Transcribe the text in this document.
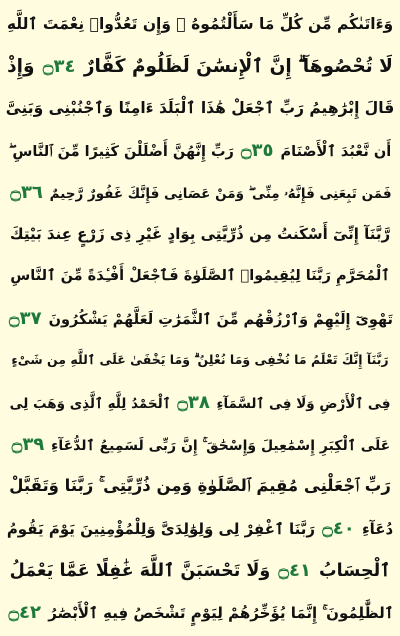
وَءَاتَىٰكُم مِّن كُلِّ مَا سَأَلْتُمُوهُ ۚ وَإِن تَعُدُّوا۟ نِعْمَتَ ٱللَّهِ
لَا تُحْصُوهَآ ۗ إِنَّ ٱلْإِنسَٰنَ لَظَلُومٌ كَفَّارٌ ۝٣٤ وَإِذْ
قَالَ إِبْرَٰهِيمُ رَبِّ ٱجْعَلْ هَٰذَا ٱلْبَلَدَ ءَامِنًا وَٱجْنُبْنِى وَبَنِىَّ
أَن نَّعْبُدَ ٱلْأَصْنَامَ ۝٣٥ رَبِّ إِنَّهُنَّ أَضْلَلْنَ كَثِيرًا مِّنَ ٱلنَّاسِ ۖ
فَمَن تَبِعَنِى فَإِنَّهُۥ مِنِّى ۖ وَمَنْ عَصَانِى فَإِنَّكَ غَفُورٌ رَّحِيمٌ ۝٣٦
رَّبَّنَآ إِنِّىٓ أَسْكَنتُ مِن ذُرِّيَّتِى بِوَادٍ غَيْرِ ذِى زَرْعٍ عِندَ بَيْتِكَ
ٱلْمُحَرَّمِ رَبَّنَا لِيُقِيمُوا۟ ٱلصَّلَوٰةَ فَٱجْعَلْ أَفْـِٔدَةً مِّنَ ٱلنَّاسِ
تَهْوِىٓ إِلَيْهِمْ وَٱرْزُقْهُم مِّنَ ٱلثَّمَرَٰتِ لَعَلَّهُمْ يَشْكُرُونَ ۝٣٧
رَبَّنَآ إِنَّكَ تَعْلَمُ مَا نُخْفِى وَمَا نُعْلِنُ ۗ وَمَا يَخْفَىٰ عَلَى ٱللَّهِ مِن شَىْءٍ
فِى ٱلْأَرْضِ وَلَا فِى ٱلسَّمَآءِ ۝٣٨ ٱلْحَمْدُ لِلَّهِ ٱلَّذِى وَهَبَ لِى
عَلَى ٱلْكِبَرِ إِسْمَٰعِيلَ وَإِسْحَٰقَ ۚ إِنَّ رَبِّى لَسَمِيعُ ٱلدُّعَآءِ ۝٣٩
رَبِّ ٱجْعَلْنِى مُقِيمَ ٱلصَّلَوٰةِ وَمِن ذُرِّيَّتِى ۚ رَبَّنَا وَتَقَبَّلْ
دُعَآءِ ۝٤٠ رَبَّنَا ٱغْفِرْ لِى وَلِوَٰلِدَىَّ وَلِلْمُؤْمِنِينَ يَوْمَ يَقُومُ
ٱلْحِسَابُ ۝٤١ وَلَا تَحْسَبَنَّ ٱللَّهَ غَٰفِلًا عَمَّا يَعْمَلُ
ٱلظَّٰلِمُونَ ۚ إِنَّمَا يُؤَخِّرُهُمْ لِيَوْمٍ تَشْخَصُ فِيهِ ٱلْأَبْصَٰرُ ۝٤٢
